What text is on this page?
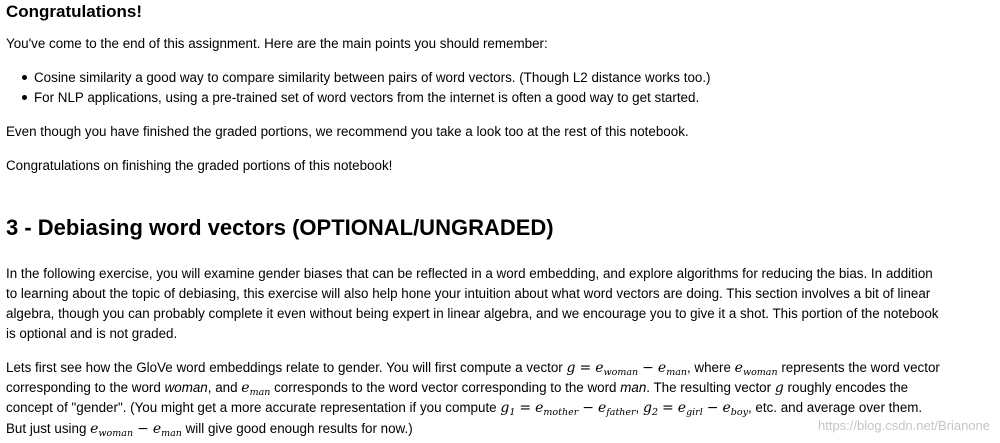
Congratulations!

You've come to the end of this assignment. Here are the main points you should remember:

Cosine similarity a good way to compare similarity between pairs of word vectors. (Though L2 distance works too.)
For NLP applications, using a pre-trained set of word vectors from the internet is often a good way to get started.

Even though you have finished the graded portions, we recommend you take a look too at the rest of this notebook.

Congratulations on finishing the graded portions of this notebook!

3 - Debiasing word vectors (OPTIONAL/UNGRADED)

In the following exercise, you will examine gender biases that can be reflected in a word embedding, and explore algorithms for reducing the bias. In addition

to learning about the topic of debiasing, this exercise will also help hone your intuition about what word vectors are doing. This section involves a bit of linear

algebra, though you can probably complete it even without being expert in linear algebra, and we encourage you to give it a shot. This portion of the notebook

is optional and is not graded.

Lets first see how the GloVe word embeddings relate to gender. You will first compute a vector $g = e_{woman} - e_{man}$, where $e_{woman}$ represents the word vector

corresponding to the word woman, and $e_{man}$ corresponds to the word vector corresponding to the word man. The resulting vector g roughly encodes the

concept of "gender". (You might get a more accurate representation if you compute $g_1 = e_{mother} - e_{father}$, $g_2 = e_{girl} - e_{boy}$, etc. and average over them.

But just using $e_{woman} - e_{man}$ will give good enough results for now.)	https://blog.csdn.net/Brianone
